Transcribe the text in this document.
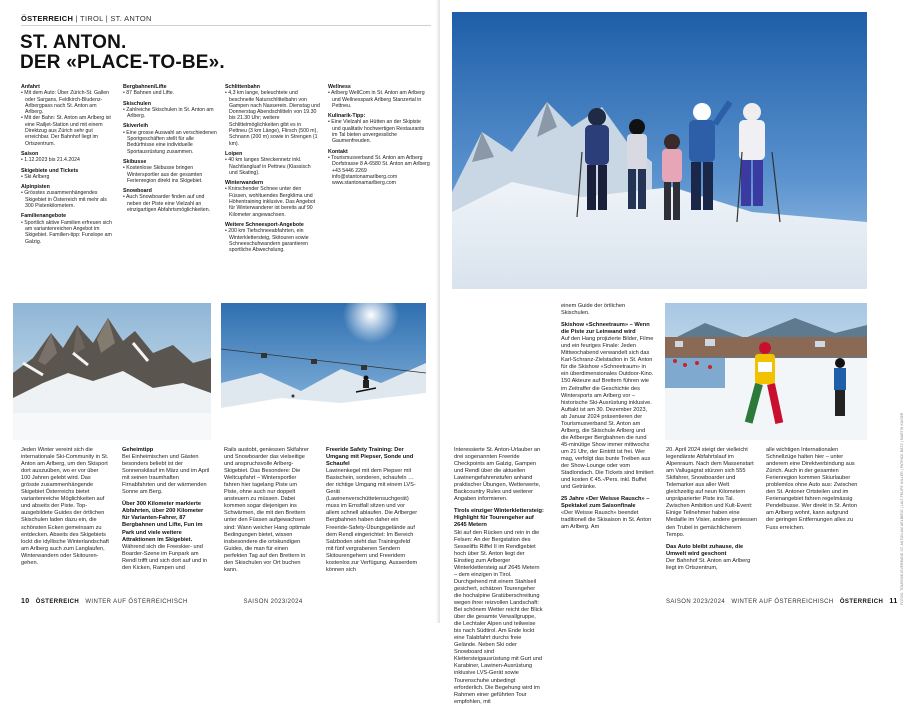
ÖSTERREICH | TIROL | ST. ANTON
ST. ANTON.
DER «PLACE-TO-BE».
Anfahrt

• Mit dem Auto: Über Zürich-St. Gallen oder Sargans, Feldkirch-Bludenz-Arlbergpass nach St. Anton am Arlberg.

• Mit der Bahn: St. Anton am Arlberg ist eine Railjet-Station und mit einem Direktzug aus Zürich sehr gut erreichbar. Der Bahnhof liegt im Ortszentrum.

Saison

• 1.12.2023 bis 21.4.2024

Skigebiete und Tickets

• Ski Arlberg

Alpinpisten

• Grösstes zusammenhängendes Skigebiet in Österreich mit mehr als 300 Pistenkilometern.

Familienangebote

• Sportlich aktive Familien erfreuen sich am variantenreichen Angebot im Skigebiet. Familien-tipp: Funslope am Galzig.

Bergbahnen/Lifte

• 87 Bahnen und Lifte.

Skischulen

• Zahlreiche Skischulen in St. Anton am Arlberg.

Skiverleih

• Eine grosse Auswahl an verschiedenen Sportgeschäften stellt für alle Bedürfnisse eine individuelle Sportausrüstung zusammen.

Skibusse

• Kostenlose Skibusse bringen Wintersportler aus der gesamten Ferienregion direkt ins Skigebiet.

Snowboard

• Auch Snowboarder finden auf und neben der Piste eine Vielzahl an einzigartigen Abfahrtsmöglichkeiten.

Schlittenbahn

• 4,3 km lange, beleuchtete und beschneite Naturschlittelbahn von Gampen nach Nasserein. Dienstag und Donnerstag Abendschlitteln von 19.30 bis 21.30 Uhr; weitere Schlittelmöglichkeiten gibt es in Pettneu (3 km Länge), Flirsch (500 m), Schnann (200 m) sowie in Strengen (1 km).

Loipen

• 40 km langes Streckennetz inkl. Nachtlangluaf in Pettneu (Klassisch und Skating).

Winterwandern

• Knirschender Schnee unter den Füssen, wohltuendes Bergklima und Höhentraining inklusive. Das Angebot für Winterwanderer ist bereits auf 90 Kilometer angewachsen.

Weitere Schneesport-Angebote

• 200 km Tiefschneeabfahrten, ein Winterklettersteig, Skitouren sowie Schneeschuhwandern garantieren sportliche Abwechslung.

Wellness

• Arlberg WellCom in St. Anton am Arlberg und Wellnesspark Arlberg Stanzertal in Pettneu.

Kulinarik-Tipp:

• Eine Vielzahl an Hütten an der Skipiste und qualitativ hochwertigen Restaurants im Tal bieten unvergessliche Gaumenfreuden.

Kontakt

• Tourismusverband St. Anton am Arlberg Dorfstrasse 8 A-6580 St. Anton am Arlberg +43 5446 2269 info@stantonamarlberg.com www.stantonamarlberg.com

Jeden Winter vereint sich die internationale Ski-Community in St. Anton am Arlberg, um den Skisport dort auszuüben, wo er vor über 100 Jahren gelebt wird. Das grösste zusammenhängende Skigebiet Österreichs bietet variantenreiche Möglichkeiten auf und abseits der Piste. Top-ausgebildete Guides der örtlichen Skischulen laden dazu ein, die schönsten Ecken gemeinsam zu entdecken. Abseits des Skigebiets lockt die idyllische Winterlandschaft am Arlberg auch zum Langlaufen, Winterwandern oder Skitouren-gehen.

Geheimtipp

Bei Einheimischen und Gästen besonders beliebt ist der Sonnenskilauf im März und im April mit seinen traumhaften Firnabfahrten und der wärmenden Sonne am Berg.

Über 300 Kilometer markierte Abfahrten, über 200 Kilometer für Varianten-Fahrer, 87 Bergbahnen und Lifte, Fun im Park und viele weitere Attraktionen im Skigebiet.

Während sich die Freeskier- und Boarder-Szene im Funpark am Rendl trifft und sich dort auf und in den Kicken, Rampen und

Rails austobt, geniessen Skifahrer und Snowboarder das vielseitige und anspruchsvolle Arlberg-Skigebiet. Das Besondere: Die Weltcupfahrt – Wintersportler fahren hier tagelang Piste um Piste, ohne auch nur doppelt ansteuern zu müssen. Dabei kommen sogar diejenigen ins Schwärmen, die mit den Brettern unter den Füssen aufgewachsen sind: Wann weicher Hang optimale Bedingungen bietet, wissen insbesondere die ortskundigen Guides, die man für einen perfekten Tag auf den Brettern in den Skischulen vor Ort buchen kann.

Freeride Safety Training: Der Umgang mit Piepser, Sonde und Schaufel

Lawinenkegel mit dem Piepser mit Basischein, sonderen, schaufeln … der richtige Umgang mit einem LVS-Gerät (Lawinenverschüttetensuchgerät) muss im Ernstfall sitzen und vor allem schnell ablaufen. Die Arlberger Bergbahnen haben daher ein Freeride-Safety-Übungsgelände auf dem Rendl eingerichtet: Im Bereich Salzboden steht das Trainingsfeld mit fünf vergrabenen Sendern Skitourengehern und Freeridern kostenlos zur Verfügung. Ausserdem können sich

10 ÖSTERREICH WINTER AUF ÖSTERREICHISCH	SAISON 2023/2024	FOTOS: TOURISMUSVERBAND ST. ANTON AM ARLBERG | LUIZ FELIPE MILLER | PATRICK BÄTZ | MARTIN KAISER

Interessierte St. Anton-Urlauber an drei sogenannten Freeride Checkpoints am Galzig, Gampen und Rendl über die aktuellen Lawinengefahrenstufen anhand praktischer Übungen, Wetterwerte, Backcountry Rules und weiterer Angaben informieren.

Tirols einziger Winterklettersteig: Highlight für Tourengeher auf 2645 Metern

Ski auf den Rücken und rein in die Felsen: An der Bergstation des Sesselifts Riffel II im Rendlgebiet hoch über St. Anton liegt der Einstieg zum Arlberger Winterklettersteig auf 2645 Metern – dem einzigen in Tirol. Durchgehend mit einem Stahlseil gesichert, schätzen Tourengeher die hochalpine Gratüberschreitung wegen ihrer reizvollen Landschaft: Bei schönem Wetter reicht der Blick über die gesamte Verwallgruppe, die Lechtaler Alpen und teilweise bis nach Südtirol. Am Ende lockt eine Talabfahrt durchs freie Gelände. Neben Ski oder Snowboard sind Klettersteigausrüstung mit Gurt und Karabiner, Lawinen-Ausrüstung inklusive LVS-Gerät sowie Tourenschuhe unbedingt erforderlich. Die Begehung wird im Rahmen einer geführten Tour empfohlen, mit

einem Guide der örtlichen Skischulen.

Skishow «Schneetraum» – Wenn die Piste zur Leinwand wird

Auf den Hang projizierte Bilder, Filme und ein feuriges Finale: Jeden Mittwochabend verwandelt sich das Karl-Schranz-Zielstadion in St. Anton für die Skishow «Schneetraum» in ein überdimensionales Outdoor-Kino. 150 Akteure auf Brettern führen wie im Zeitraffer die Geschichte des Wintersports am Arlberg vor – historische Ski-Ausrüstung inklusive. Auftakt ist am 30. Dezember 2023, ab Januar 2024 präsentieren der Tourismusverband St. Anton am Arlberg, die Skischule Arlberg und die Arlberger Bergbahnen die rund 45-minütige Show immer mittwochs um 21 Uhr, der Eintritt ist frei. Wer mag, verfolgt das bunte Treiben aus der Show-Lounge oder vom Stadlondach. Die Tickets sind limitiert und kosten € 45.-/Pers. inkl. Buffet und Getränke.

25 Jahre «Der Weisse Rausch» – Spektakel zum Saisonfinale

«Der Weisse Rausch» beendet traditionell die Skisaison in St. Anton am Arlberg. Am

20. April 2024 steigt der vielleicht legendärste Abfahrtslauf im Alpenraum. Nach dem Massenstart am Vallugagrat stürzen sich 555 Skifahrer, Snowboarder und Telemarker aus aller Welt gleichzeitig auf neun Kilometern unpräparierter Piste ins Tal. Zwischen Ambition und Kult-Event: Einige Teilnehmer haben eine Medaille im Visier, andere geniessen den Trubel in gemächlicherem Tempo.

Das Auto bleibt zuhause, die Umwelt wird geschont

Der Bahnhof St. Anton am Arlberg liegt im Ortszentrum,

alle wichtigen Internationalen Schnellzüge halten hier – unter anderem eine Direktverbindung aus Zürich. Auch in der gesamten Ferienregion kommen Skiurlauber problemlos ohne Auto aus: Zwischen den St. Antoner Ortsteilen und im Ferienangebiet fahren regelmässig Pendelbusse. Wer direkt in St. Anton am Arlberg wohnt, kann aufgrund der geringen Entfernungen alles zu Fuss erreichen.

SAISON 2023/2024 WINTER AUF ÖSTERREICHISCH ÖSTERREICH 11
